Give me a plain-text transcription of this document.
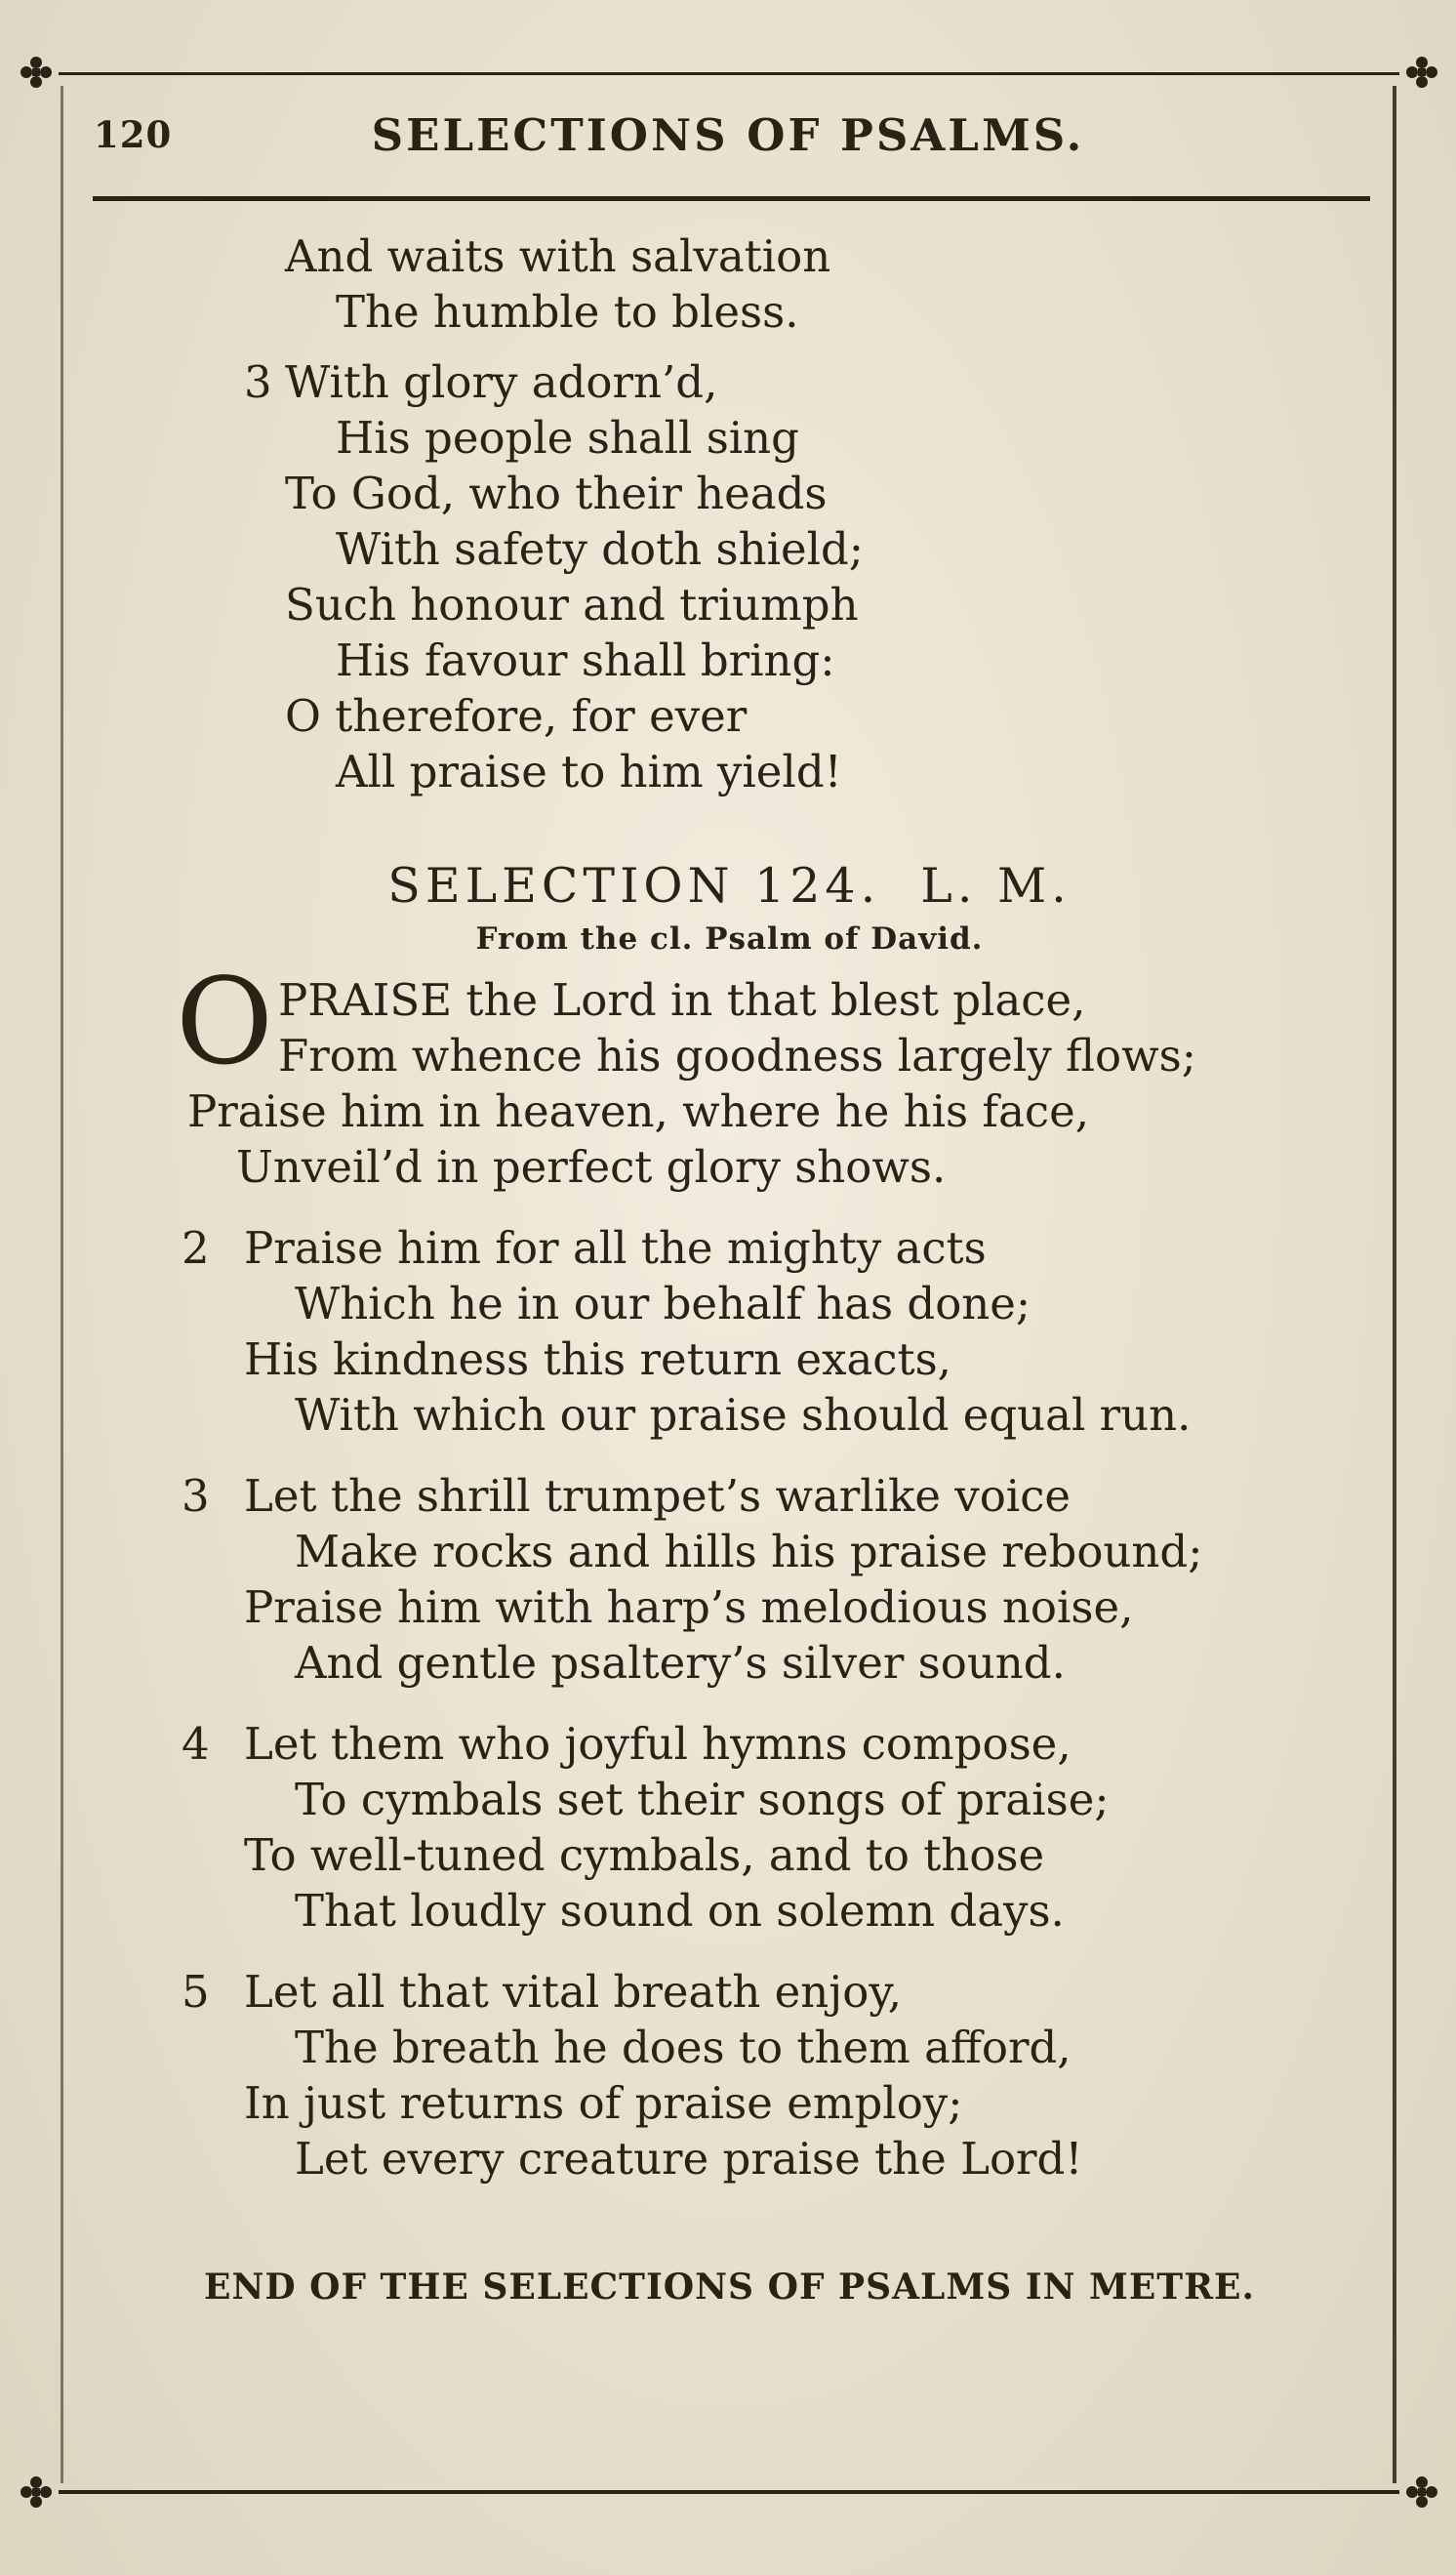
120	SELECTIONS OF PSALMS.
And waits with salvation
The humble to bless.
3 With glory adorn’d,
His people shall sing
To God, who their heads
With safety doth shield;
Such honour and triumph
His favour shall bring:
O therefore, for ever
All praise to him yield!
SELECTION 124.  L. M.
From the cl. Psalm of David.
O PRAISE the Lord in that blest place,
From whence his goodness largely flows;
Praise him in heaven, where he his face,
Unveil’d in perfect glory shows.
2 Praise him for all the mighty acts
Which he in our behalf has done;
His kindness this return exacts,
With which our praise should equal run.
3 Let the shrill trumpet’s warlike voice
Make rocks and hills his praise rebound;
Praise him with harp’s melodious noise,
And gentle psaltery’s silver sound.
4 Let them who joyful hymns compose,
To cymbals set their songs of praise;
To well-tuned cymbals, and to those
That loudly sound on solemn days.
5 Let all that vital breath enjoy,
The breath he does to them afford,
In just returns of praise employ;
Let every creature praise the Lord!
END OF THE SELECTIONS OF PSALMS IN METRE.
